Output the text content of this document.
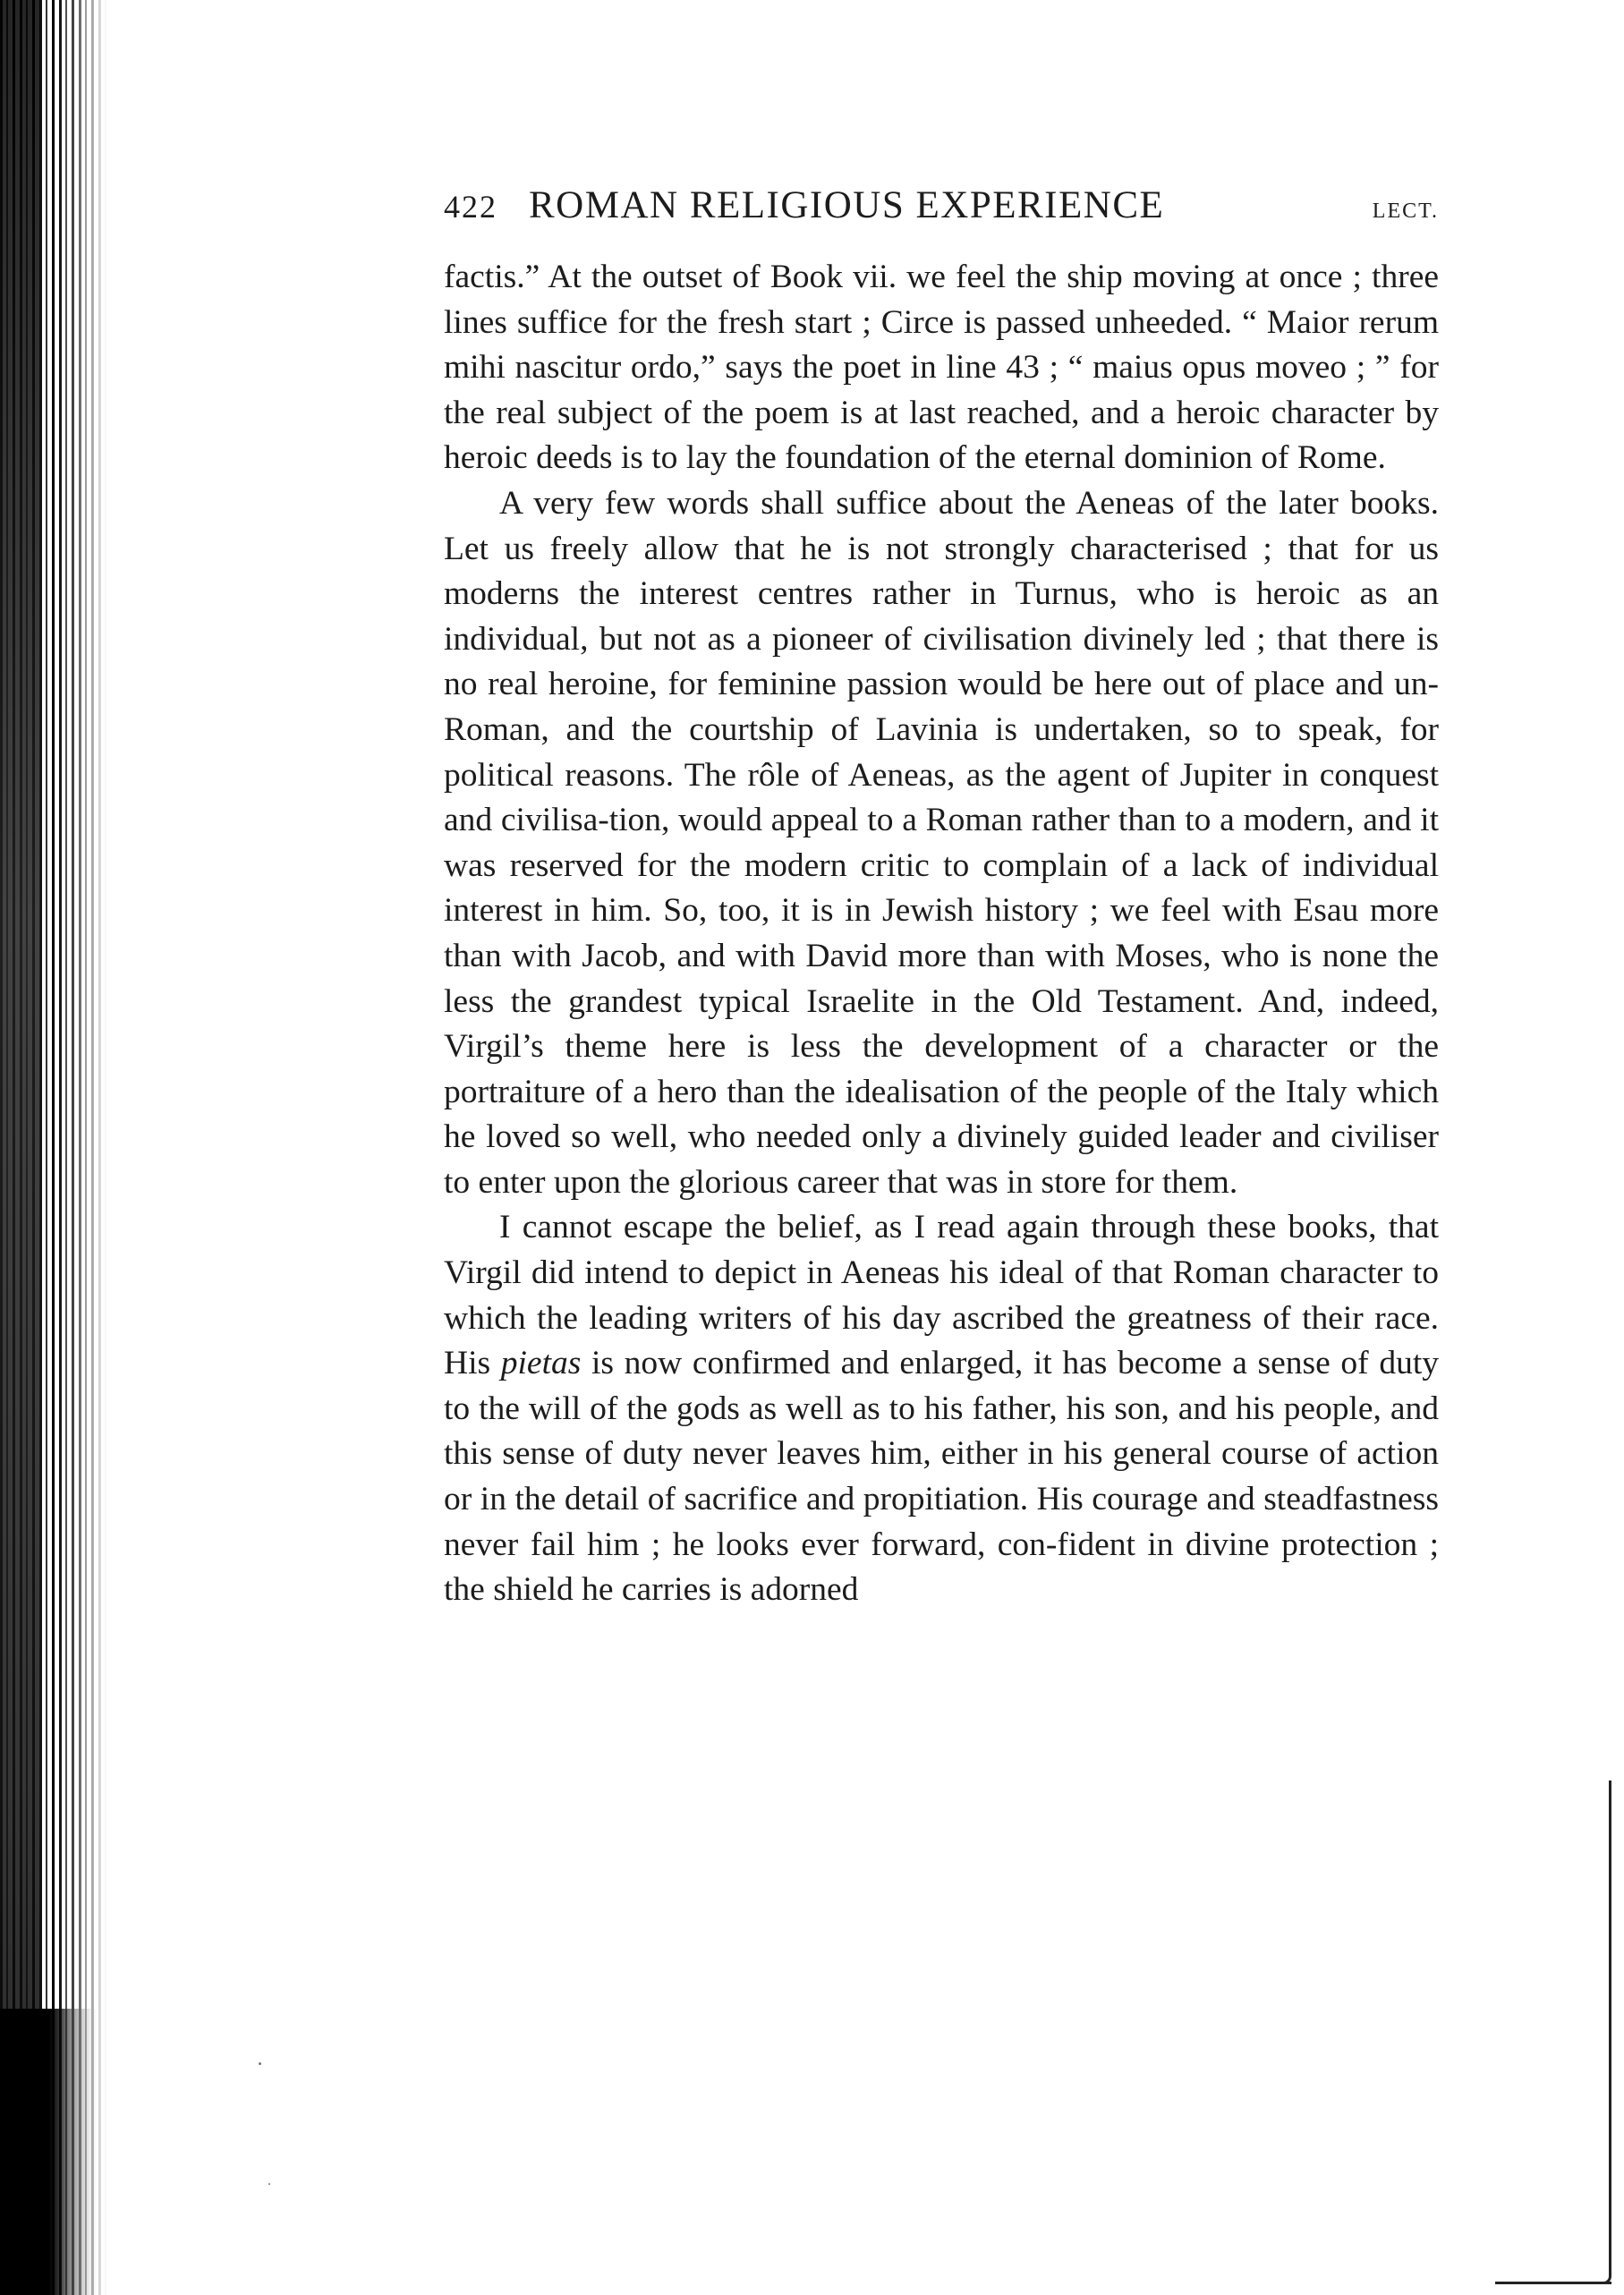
422 ROMAN RELIGIOUS EXPERIENCE	LECT.

factis.” At the outset of Book vii. we feel the ship moving at once ; three lines suffice for the fresh start ; Circe is passed unheeded. “ Maior rerum mihi nascitur ordo,” says the poet in line 43 ; “ maius opus moveo ; ” for the real subject of the poem is at last reached, and a heroic character by heroic deeds is to lay the foundation of the eternal dominion of Rome.

A very few words shall suffice about the Aeneas of the later books. Let us freely allow that he is not strongly characterised ; that for us moderns the interest centres rather in Turnus, who is heroic as an individual, but not as a pioneer of civilisation divinely led ; that there is no real heroine, for feminine passion would be here out of place and un-Roman, and the courtship of Lavinia is undertaken, so to speak, for political reasons. The rôle of Aeneas, as the agent of Jupiter in conquest and civilisa-tion, would appeal to a Roman rather than to a modern, and it was reserved for the modern critic to complain of a lack of individual interest in him. So, too, it is in Jewish history ; we feel with Esau more than with Jacob, and with David more than with Moses, who is none the less the grandest typical Israelite in the Old Testament. And, indeed, Virgil’s theme here is less the development of a character or the portraiture of a hero than the idealisation of the people of the Italy which he loved so well, who needed only a divinely guided leader and civiliser to enter upon the glorious career that was in store for them.

I cannot escape the belief, as I read again through these books, that Virgil did intend to depict in Aeneas his ideal of that Roman character to which the leading writers of his day ascribed the greatness of their race. His pietas is now confirmed and enlarged, it has become a sense of duty to the will of the gods as well as to his father, his son, and his people, and this sense of duty never leaves him, either in his general course of action or in the detail of sacrifice and propitiation. His courage and steadfastness never fail him ; he looks ever forward, con-fident in divine protection ; the shield he carries is adorned
